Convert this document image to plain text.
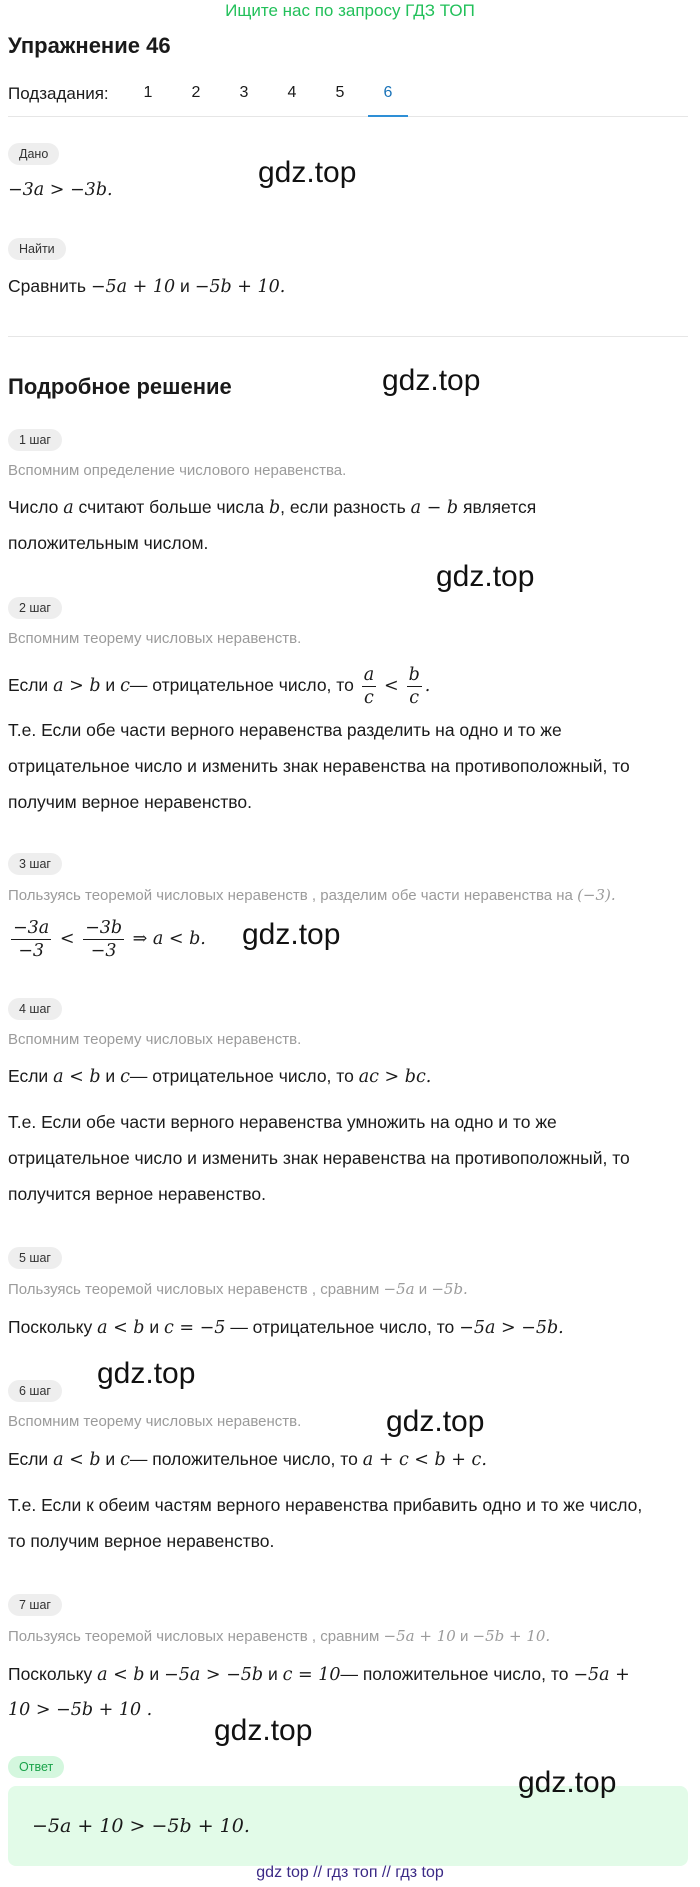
Ищите нас по запросу ГДЗ ТОП
Упражнение 46
Подзадания:	1	2	3	4	5	6
Дано
−3a > −3b.
gdz.top
Найти
Сравнить −5a + 10 и −5b + 10.
Подробное решение	gdz.top
1 шаг
Вспомним определение числового неравенства.
Число a считают больше числа b, если разность a − b является
положительным числом.
gdz.top
2 шаг
Вспомним теорему числовых неравенств.
Если a > b и c— отрицательное число, то $\frac{a}{c} < \frac{b}{c}$ .
Т.е. Если обе части верного неравенства разделить на одно и то же
отрицательное число и изменить знак неравенства на противоположный, то
получим верное неравенство.
3 шаг
Пользуясь теоремой числовых неравенств , разделим обе части неравенства на (−3).
$\frac{-3a}{-3} < \frac{-3b}{-3}$ ⇒ a < b. gdz.top
4 шаг
Вспомним теорему числовых неравенств.
Если a < b и c— отрицательное число, то ac > bc.
Т.е. Если обе части верного неравенства умножить на одно и то же
отрицательное число и изменить знак неравенства на противоположный, то
получится верное неравенство.
5 шаг
Пользуясь теоремой числовых неравенств , сравним −5a и −5b.
Поскольку a < b и c = −5 — отрицательное число, то −5a > −5b.
gdz.top
6 шаг
Вспомним теорему числовых неравенств.	gdz.top
Если a < b и c— положительное число, то a + c < b + c.
Т.е. Если к обеим частям верного неравенства прибавить одно и то же число,
то получим верное неравенство.
7 шаг
Пользуясь теоремой числовых неравенств , сравним −5a + 10 и −5b + 10.
Поскольку a < b и −5a > −5b и c = 10— положительное число, то −5a +
10 > −5b + 10 .
gdz.top
Ответ
−5a + 10 > −5b + 10.
gdz.top
gdz top // гдз топ // гдз top
